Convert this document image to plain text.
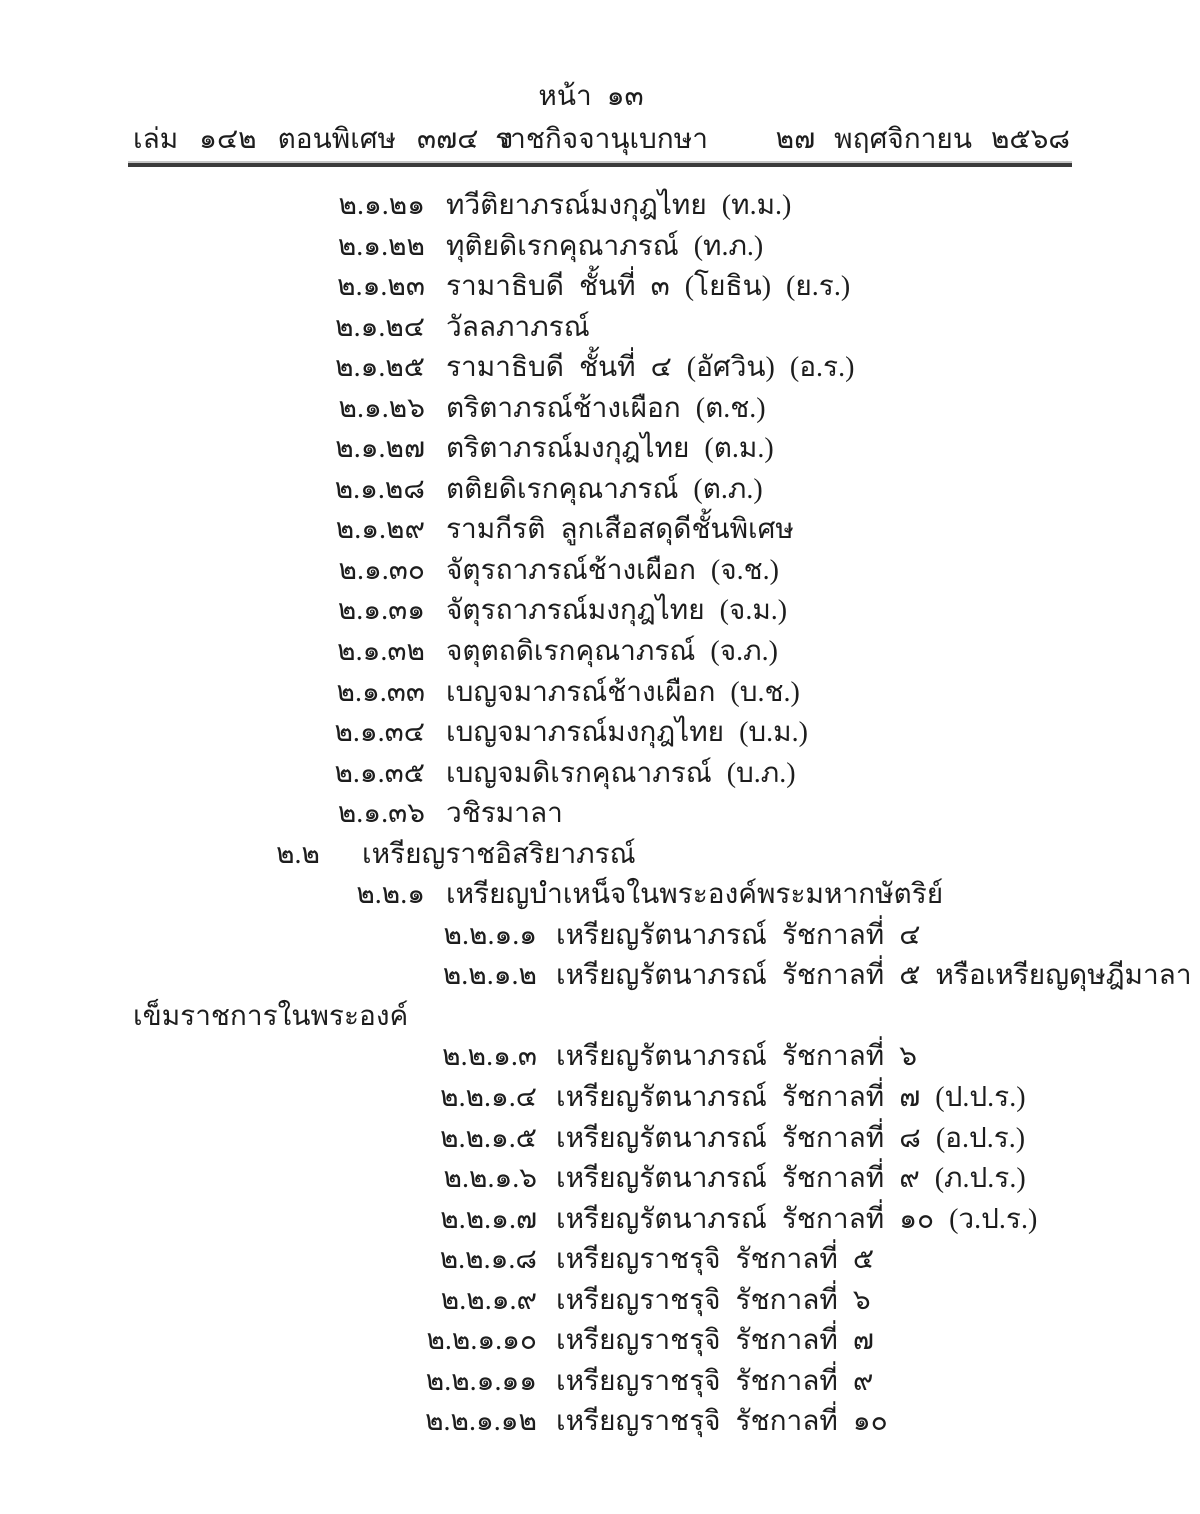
หน้า ๑๓
เล่ม ๑๔๒ ตอนพิเศษ ๓๗๔ ง
ราชกิจจานุเบกษา	๒๗ พฤศจิกายน ๒๕๖๘
๒.๑.๒๑ ทวีติยาภรณ์มงกุฎไทย (ท.ม.)
๒.๑.๒๒ ทุติยดิเรกคุณาภรณ์ (ท.ภ.)
๒.๑.๒๓ รามาธิบดี ชั้นที่ ๓ (โยธิน) (ย.ร.)
๒.๑.๒๔ วัลลภาภรณ์
๒.๑.๒๕ รามาธิบดี ชั้นที่ ๔ (อัศวิน) (อ.ร.)
๒.๑.๒๖ ตริตาภรณ์ช้างเผือก (ต.ช.)
๒.๑.๒๗ ตริตาภรณ์มงกุฎไทย (ต.ม.)
๒.๑.๒๘ ตติยดิเรกคุณาภรณ์ (ต.ภ.)
๒.๑.๒๙ รามกีรติ ลูกเสือสดุดีชั้นพิเศษ
๒.๑.๓๐ จัตุรถาภรณ์ช้างเผือก (จ.ช.)
๒.๑.๓๑ จัตุรถาภรณ์มงกุฎไทย (จ.ม.)
๒.๑.๓๒ จตุตถดิเรกคุณาภรณ์ (จ.ภ.)
๒.๑.๓๓ เบญจมาภรณ์ช้างเผือก (บ.ช.)
๒.๑.๓๔ เบญจมาภรณ์มงกุฎไทย (บ.ม.)
๒.๑.๓๕ เบญจมดิเรกคุณาภรณ์ (บ.ภ.)
๒.๑.๓๖ วชิรมาลา
๒.๒ เหรียญราชอิสริยาภรณ์
๒.๒.๑ เหรียญบำเหน็จในพระองค์พระมหากษัตริย์
๒.๒.๑.๑ เหรียญรัตนาภรณ์ รัชกาลที่ ๔
๒.๒.๑.๒ เหรียญรัตนาภรณ์ รัชกาลที่ ๕ หรือเหรียญดุษฎีมาลา
เข็มราชการในพระองค์
๒.๒.๑.๓ เหรียญรัตนาภรณ์ รัชกาลที่ ๖
๒.๒.๑.๔ เหรียญรัตนาภรณ์ รัชกาลที่ ๗ (ป.ป.ร.)
๒.๒.๑.๕ เหรียญรัตนาภรณ์ รัชกาลที่ ๘ (อ.ป.ร.)
๒.๒.๑.๖ เหรียญรัตนาภรณ์ รัชกาลที่ ๙ (ภ.ป.ร.)
๒.๒.๑.๗ เหรียญรัตนาภรณ์ รัชกาลที่ ๑๐ (ว.ป.ร.)
๒.๒.๑.๘ เหรียญราชรุจิ รัชกาลที่ ๕
๒.๒.๑.๙ เหรียญราชรุจิ รัชกาลที่ ๖
๒.๒.๑.๑๐ เหรียญราชรุจิ รัชกาลที่ ๗
๒.๒.๑.๑๑ เหรียญราชรุจิ รัชกาลที่ ๙
๒.๒.๑.๑๒ เหรียญราชรุจิ รัชกาลที่ ๑๐
